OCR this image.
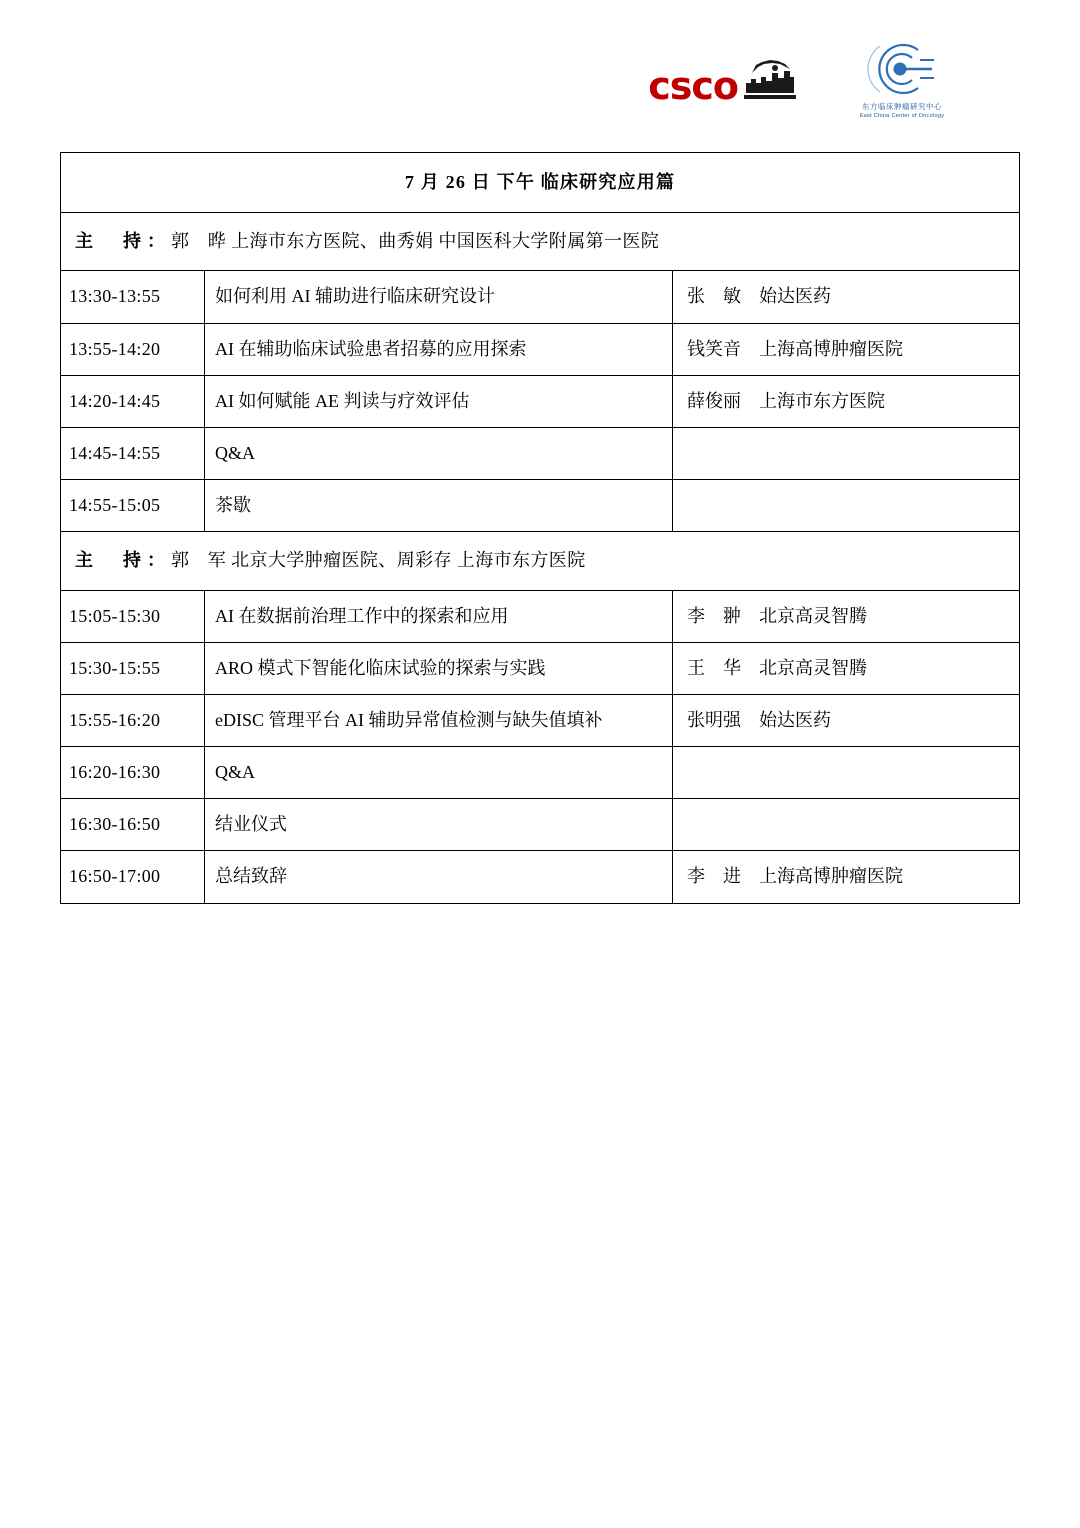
csco	东方临床肿瘤研究中心
East China Center of Oncology
7 月 26 日 下午 临床研究应用篇		
主　持：郭　晔 上海市东方医院、曲秀娟 中国医科大学附属第一医院		
13:30-13:55	如何利用 AI 辅助进行临床研究设计	张　敏　始达医药
13:55-14:20	AI 在辅助临床试验患者招募的应用探索	钱笑音　上海高博肿瘤医院
14:20-14:45	AI 如何赋能 AE 判读与疗效评估	薛俊丽　上海市东方医院
14:45-14:55	Q&A	
14:55-15:05	茶歇	
主　持：郭　军 北京大学肿瘤医院、周彩存 上海市东方医院		
15:05-15:30	AI 在数据前治理工作中的探索和应用	李　翀　北京高灵智腾
15:30-15:55	ARO 模式下智能化临床试验的探索与实践	王　华　北京高灵智腾
15:55-16:20	eDISC 管理平台 AI 辅助异常值检测与缺失值填补	张明强　始达医药
16:20-16:30	Q&A	
16:30-16:50	结业仪式	
16:50-17:00	总结致辞	李　进　上海高博肿瘤医院
